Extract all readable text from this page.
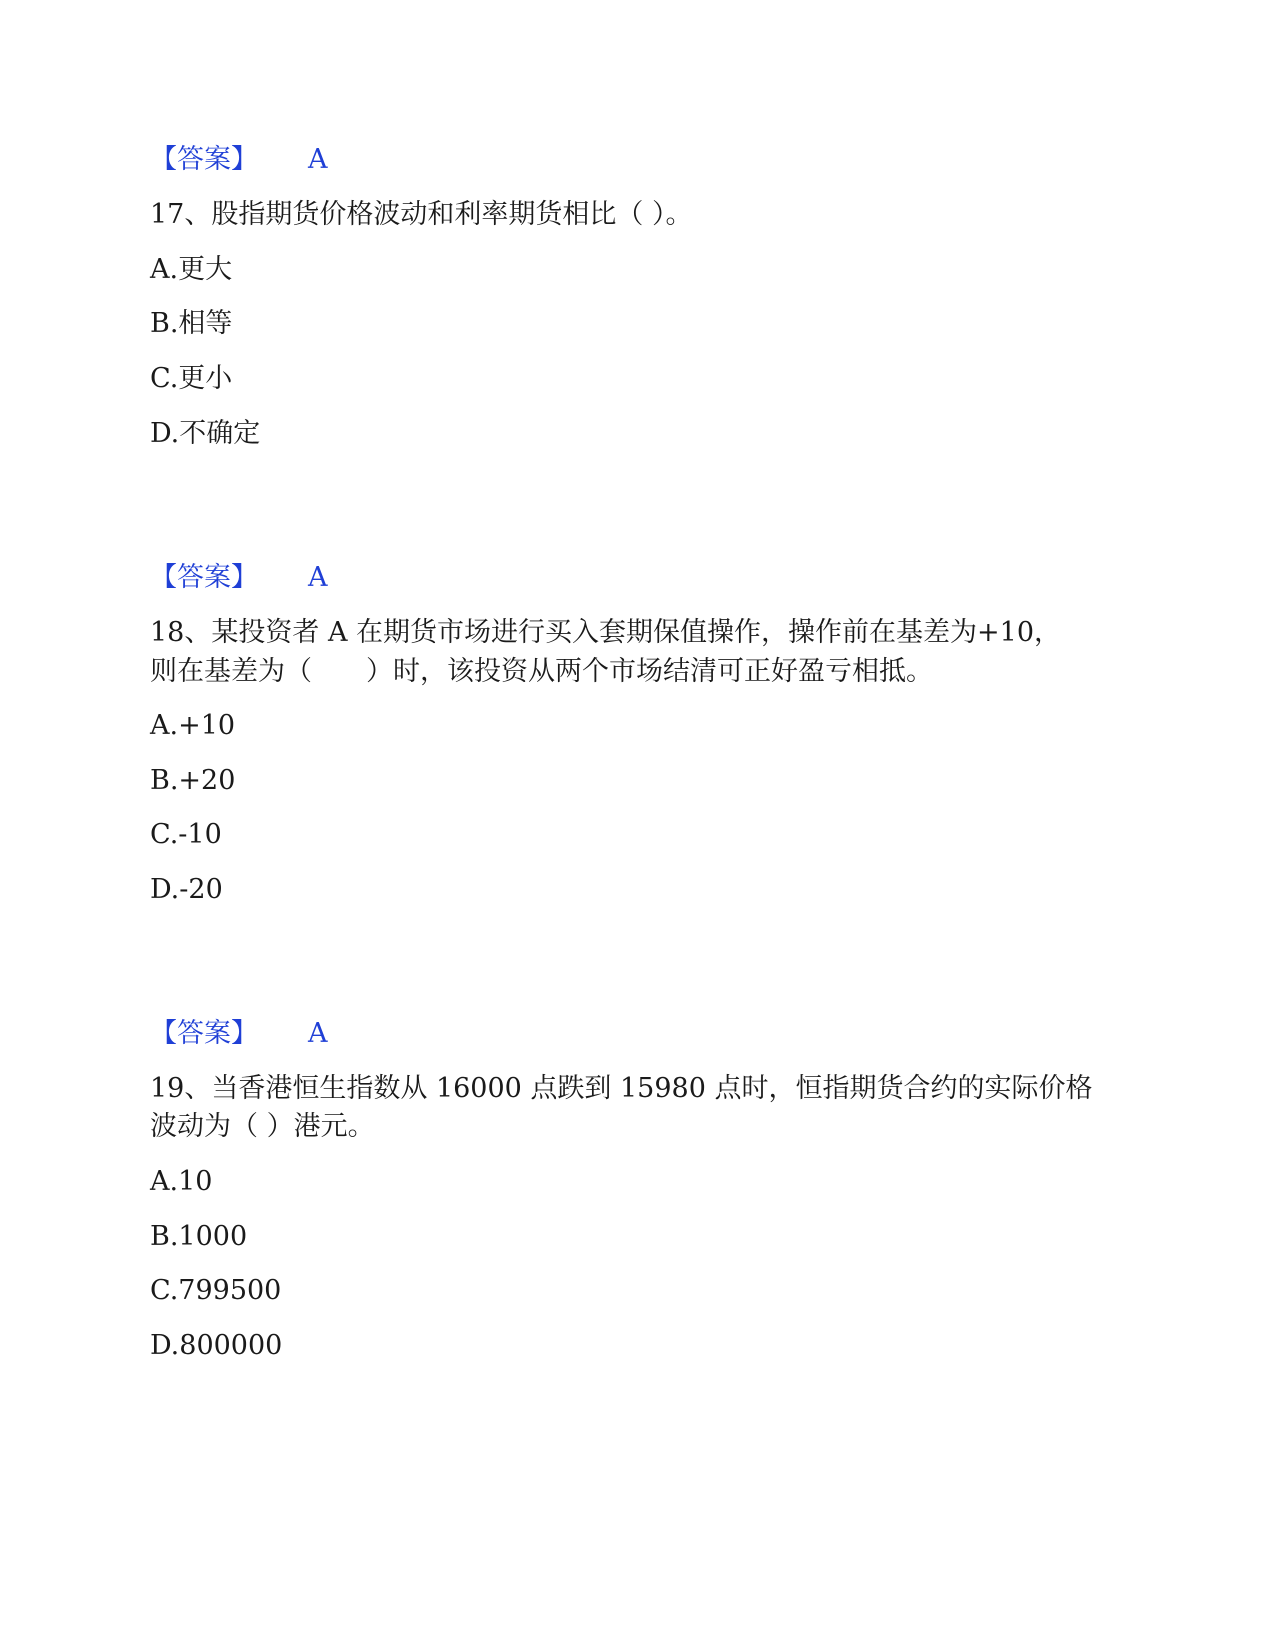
【答案】 A
17、股指期货价格波动和利率期货相比（ ）。
A.更大
B.相等
C.更小
D.不确定
【答案】 A
18、某投资者 A 在期货市场进行买入套期保值操作，操作前在基差为+10，
则在基差为（　　）时，该投资从两个市场结清可正好盈亏相抵。
A.+10
B.+20
C.-10
D.-20
【答案】 A
19、当香港恒生指数从 16000 点跌到 15980 点时，恒指期货合约的实际价格
波动为（ ）港元。
A.10
B.1000
C.799500
D.800000
